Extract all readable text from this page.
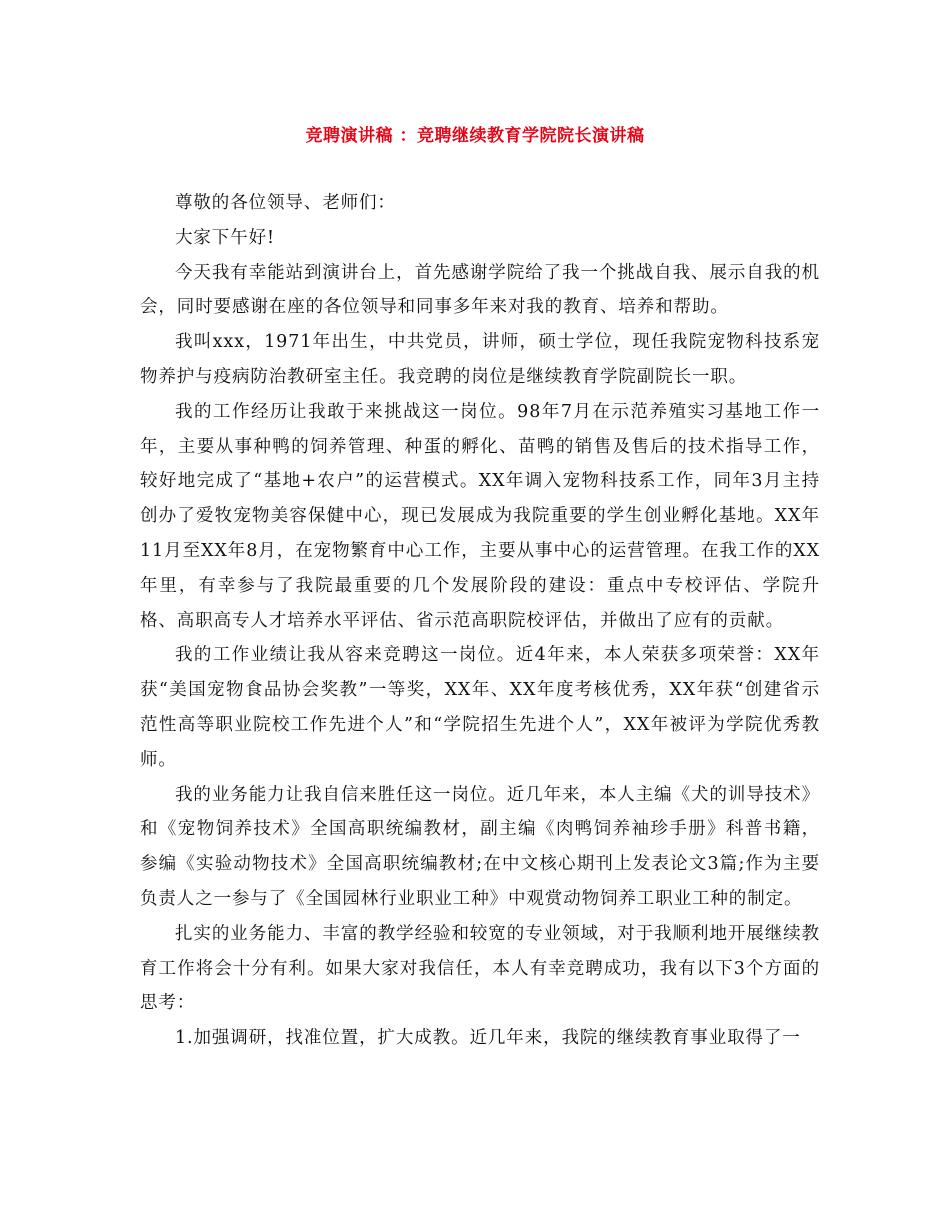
竞聘演讲稿 ：竞聘继续教育学院院长演讲稿

尊敬的各位领导、老师们：

大家下午好!

今天我有幸能站到演讲台上，首先感谢学院给了我一个挑战自我、展示自我的机会，同时要感谢在座的各位领导和同事多年来对我的教育、培养和帮助。

我叫xxx，1971年出生，中共党员，讲师，硕士学位，现任我院宠物科技系宠物养护与疫病防治教研室主任。我竞聘的岗位是继续教育学院副院长一职。

我的工作经历让我敢于来挑战这一岗位。98年7月在示范养殖实习基地工作一年，主要从事种鸭的饲养管理、种蛋的孵化、苗鸭的销售及售后的技术指导工作，较好地完成了“基地+农户”的运营模式。XX年调入宠物科技系工作，同年3月主持创办了爱牧宠物美容保健中心，现已发展成为我院重要的学生创业孵化基地。XX年11月至XX年8月，在宠物繁育中心工作，主要从事中心的运营管理。在我工作的XX年里，有幸参与了我院最重要的几个发展阶段的建设：重点中专校评估、学院升格、高职高专人才培养水平评估、省示范高职院校评估，并做出了应有的贡献。

我的工作业绩让我从容来竞聘这一岗位。近4年来，本人荣获多项荣誉：XX年获“美国宠物食品协会奖教”一等奖，XX年、XX年度考核优秀，XX年获“创建省示范性高等职业院校工作先进个人”和“学院招生先进个人”，XX年被评为学院优秀教师。

我的业务能力让我自信来胜任这一岗位。近几年来，本人主编《犬的训导技术》和《宠物饲养技术》全国高职统编教材，副主编《肉鸭饲养袖珍手册》科普书籍，参编《实验动物技术》全国高职统编教材;在中文核心期刊上发表论文3篇;作为主要负责人之一参与了《全国园林行业职业工种》中观赏动物饲养工职业工种的制定。

扎实的业务能力、丰富的教学经验和较宽的专业领域，对于我顺利地开展继续教育工作将会十分有利。如果大家对我信任，本人有幸竞聘成功，我有以下3个方面的思考：

1.加强调研，找准位置，扩大成教。近几年来，我院的继续教育事业取得了一
